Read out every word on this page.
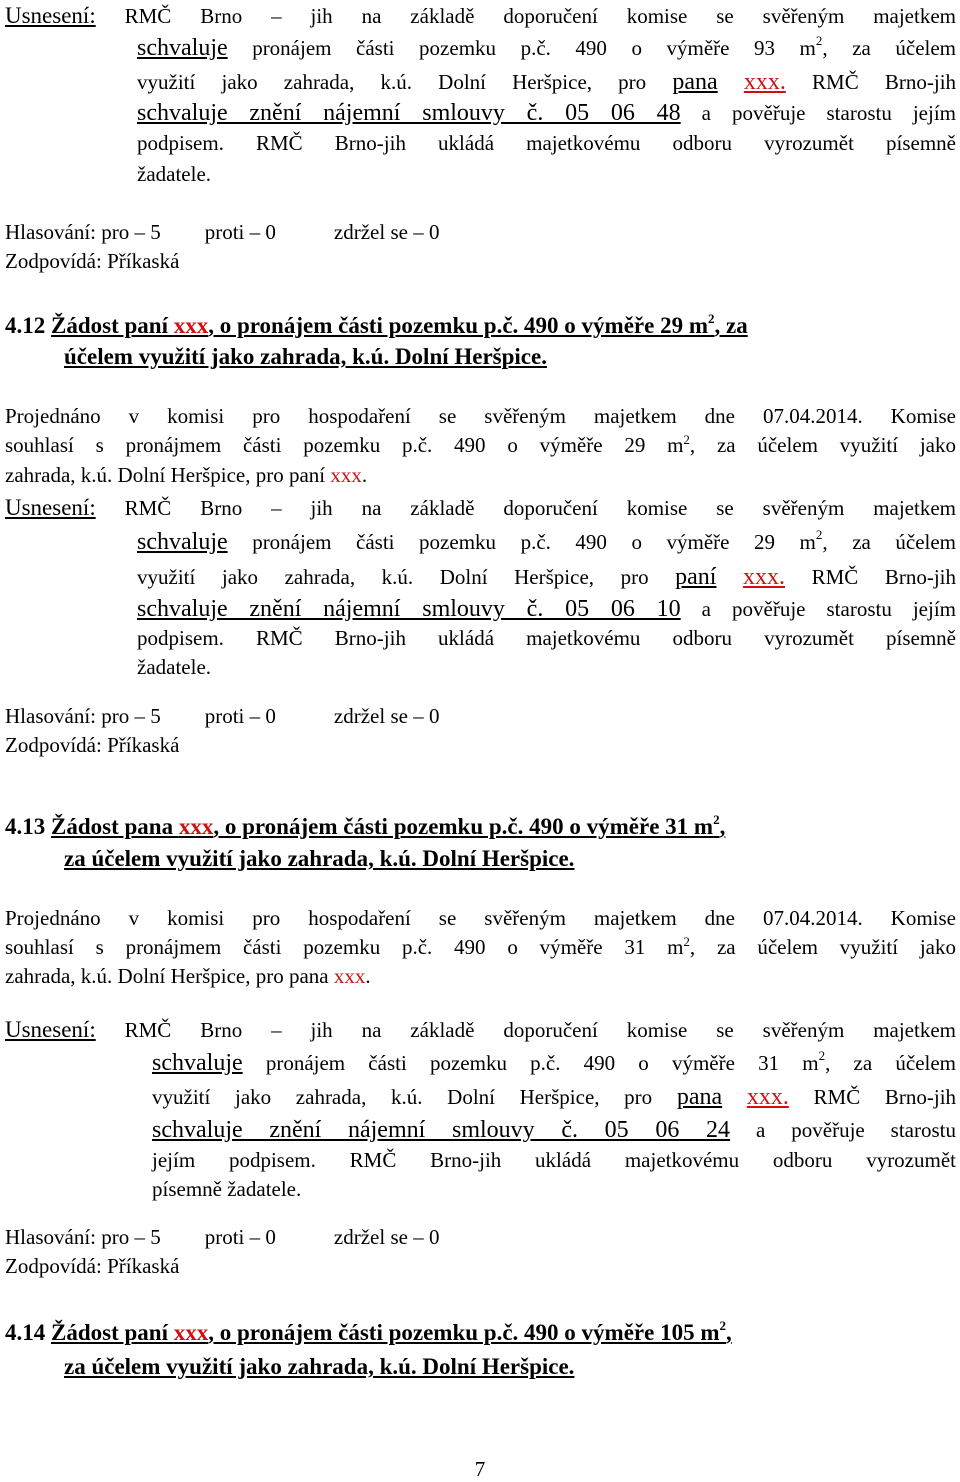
Usnesení: RMČ Brno – jih na základě doporučení komise se svěřeným majetkem
schvaluje pronájem části pozemku p.č. 490 o výměře 93 $m^2$, za účelem
využití jako zahrada, k.ú. Dolní Heršpice, pro pana xxx. RMČ Brno-jih
schvaluje znění nájemní smlouvy č. 05 06 48 a pověřuje starostu jejím
podpisem. RMČ Brno-jih ukládá majetkovému odboru vyrozumět písemně
žadatele.
Hlasování: pro – 5 proti – 0	zdržel se – 0
Zodpovídá: Příkaská
4.12 Žádost paní xxx, o pronájem části pozemku p.č. 490 o výměře 29 $m^2$, za
účelem využití jako zahrada, k.ú. Dolní Heršpice.
Projednáno v komisi pro hospodaření se svěřeným majetkem dne 07.04.2014. Komise
souhlasí s pronájmem části pozemku p.č. 490 o výměře 29 $m^2$, za účelem využití jako
zahrada, k.ú. Dolní Heršpice, pro paní xxx.
Usnesení: RMČ Brno – jih na základě doporučení komise se svěřeným majetkem
schvaluje pronájem části pozemku p.č. 490 o výměře 29 $m^2$, za účelem
využití jako zahrada, k.ú. Dolní Heršpice, pro paní xxx. RMČ Brno-jih
schvaluje znění nájemní smlouvy č. 05 06 10 a pověřuje starostu jejím
podpisem. RMČ Brno-jih ukládá majetkovému odboru vyrozumět písemně
žadatele.
Hlasování: pro – 5 proti – 0	zdržel se – 0
Zodpovídá: Příkaská
4.13 Žádost pana xxx, o pronájem části pozemku p.č. 490 o výměře 31 $m^2$,
za účelem využití jako zahrada, k.ú. Dolní Heršpice.
Projednáno v komisi pro hospodaření se svěřeným majetkem dne 07.04.2014. Komise
souhlasí s pronájmem části pozemku p.č. 490 o výměře 31 $m^2$, za účelem využití jako
zahrada, k.ú. Dolní Heršpice, pro pana xxx.
Usnesení: RMČ Brno – jih na základě doporučení komise se svěřeným majetkem
schvaluje pronájem části pozemku p.č. 490 o výměře 31 $m^2$, za účelem
využití jako zahrada, k.ú. Dolní Heršpice, pro pana xxx. RMČ Brno-jih
schvaluje znění nájemní smlouvy č. 05 06 24 a pověřuje starostu
jejím podpisem. RMČ Brno-jih ukládá majetkovému odboru vyrozumět
písemně žadatele.
Hlasování: pro – 5 proti – 0	zdržel se – 0
Zodpovídá: Příkaská
4.14 Žádost paní xxx, o pronájem části pozemku p.č. 490 o výměře 105 $m^2$,
za účelem využití jako zahrada, k.ú. Dolní Heršpice.
7
